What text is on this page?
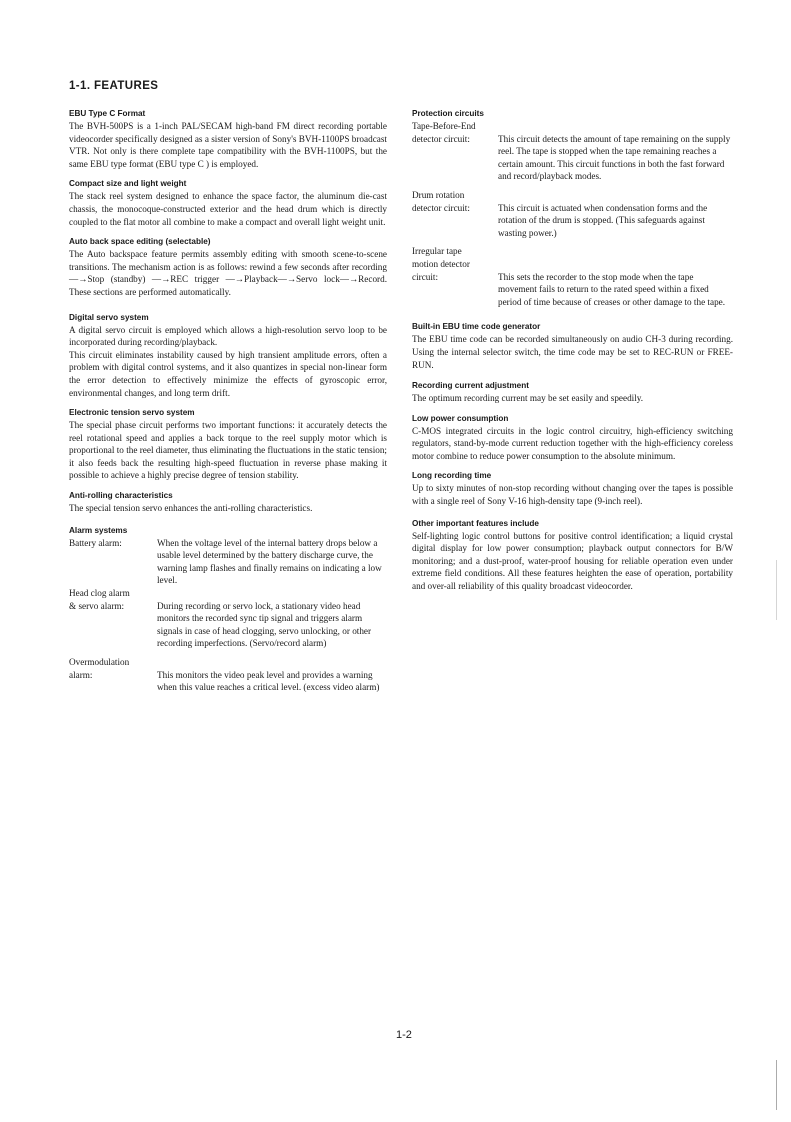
1-1. FEATURES
EBU Type C Format

The BVH-500PS is a 1-inch PAL/SECAM high-band FM direct recording portable videocorder specifically designed as a sister version of Sony's BVH-1100PS broadcast VTR. Not only is there complete tape compatibility with the BVH-1100PS, but the same EBU type format (EBU type C ) is employed.

Compact size and light weight

The stack reel system designed to enhance the space factor, the aluminum die-cast chassis, the monocoque-constructed exterior and the head drum which is directly coupled to the flat motor all combine to make a compact and overall light weight unit.

Auto back space editing (selectable)

The Auto backspace feature permits assembly editing with smooth scene-to-scene transitions. The mechanism action is as follows: rewind a few seconds after recording —→Stop (standby) —→REC trigger —→Playback—→Servo lock—→Record. These sections are performed automatically.

Digital servo system

A digital servo circuit is employed which allows a high-resolution servo loop to be incorporated during recording/playback.

This circuit eliminates instability caused by high transient amplitude errors, often a problem with digital control systems, and it also quantizes in special non-linear form the error detection to effectively minimize the effects of gyroscopic error, environmental changes, and long term drift.

Electronic tension servo system

The special phase circuit performs two important functions: it accurately detects the reel rotational speed and applies a back torque to the reel supply motor which is proportional to the reel diameter, thus eliminating the fluctuations in the static tension; it also feeds back the resulting high-speed fluctuation in reverse phase making it possible to achieve a highly precise degree of tension stability.

Anti-rolling characteristics

The special tension servo enhances the anti-rolling characteristics.

Alarm systems
Battery alarm:	When the voltage level of the internal battery drops below a usable level determined by the battery discharge curve, the warning lamp flashes and finally remains on indicating a low level.

Head clog alarm

& servo alarm:	During recording or servo lock, a stationary video head monitors the recorded sync tip signal and triggers alarm signals in case of head clogging, servo unlocking, or other recording imperfections. (Servo/record alarm)

Overmodulation

alarm:	This monitors the video peak level and provides a warning when this value reaches a critical level. (excess video alarm)

Protection circuits

Tape-Before-End

detector circuit:	This circuit detects the amount of tape remaining on the supply reel. The tape is stopped when the tape remaining reaches a certain amount. This circuit functions in both the fast forward and record/playback modes.

Drum rotation

detector circuit:	This circuit is actuated when condensation forms and the rotation of the drum is stopped. (This safeguards against wasting power.)

Irregular tape

motion detector

circuit:	This sets the recorder to the stop mode when the tape movement fails to return to the rated speed within a fixed period of time because of creases or other damage to the tape.

Built-in EBU time code generator

The EBU time code can be recorded simultaneously on audio CH-3 during recording. Using the internal selector switch, the time code may be set to REC-RUN or FREE-RUN.

Recording current adjustment

The optimum recording current may be set easily and speedily.

Low power consumption

C-MOS integrated circuits in the logic control circuitry, high-efficiency switching regulators, stand-by-mode current reduction together with the high-efficiency coreless motor combine to reduce power consumption to the absolute minimum.

Long recording time

Up to sixty minutes of non-stop recording without changing over the tapes is possible with a single reel of Sony V-16 high-density tape (9-inch reel).

Other important features include

Self-lighting logic control buttons for positive control identification; a liquid crystal digital display for low power consumption; playback output connectors for B/W monitoring; and a dust-proof, water-proof housing for reliable operation even under extreme field conditions. All these features heighten the ease of operation, portability and over-all reliability of this quality broadcast videocorder.

1-2
